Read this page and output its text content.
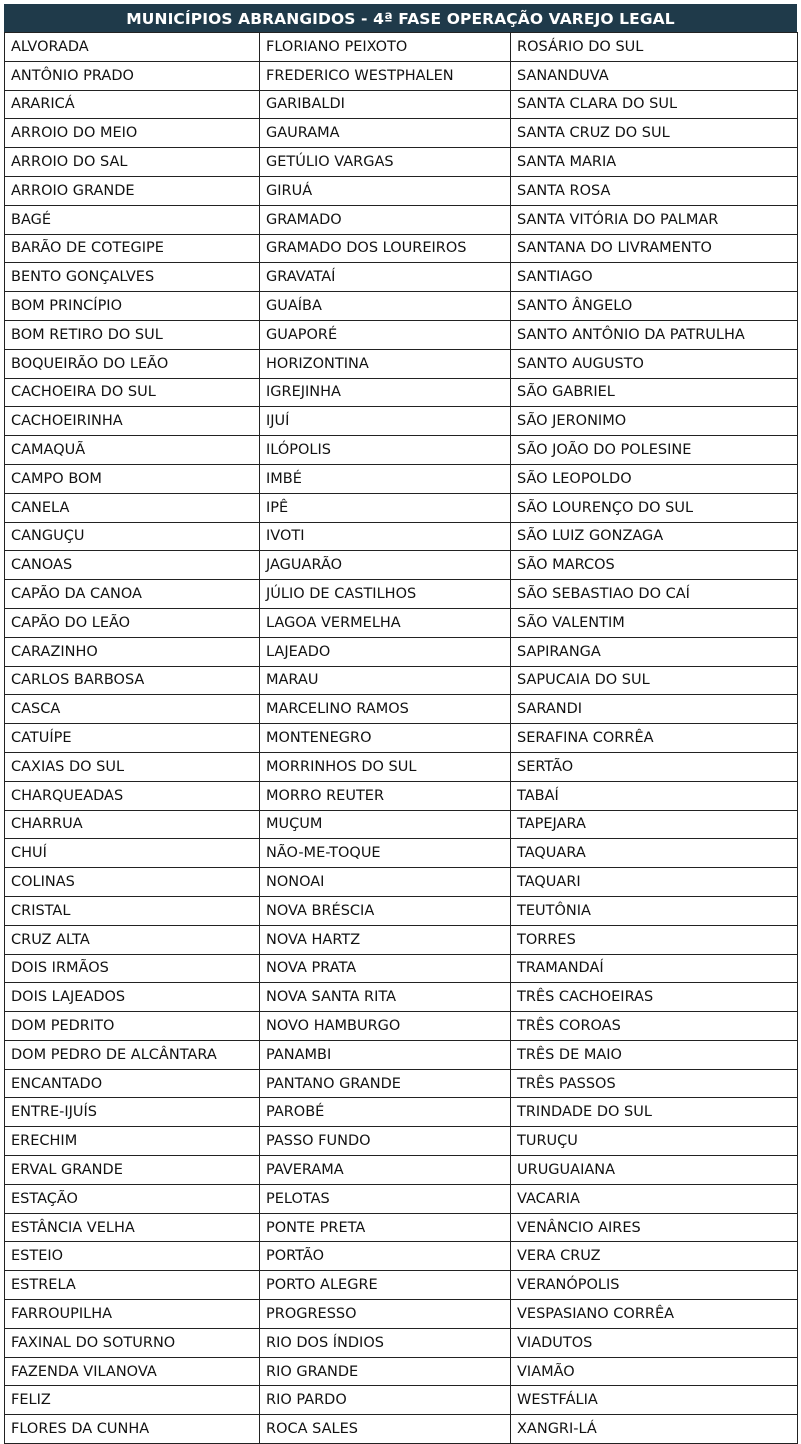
MUNICÍPIOS ABRANGIDOS - 4ª FASE OPERAÇÃO VAREJO LEGAL
ALVORADA	FLORIANO PEIXOTO	ROSÁRIO DO SUL
ANTÔNIO PRADO	FREDERICO WESTPHALEN	SANANDUVA
ARARICÁ	GARIBALDI	SANTA CLARA DO SUL
ARROIO DO MEIO	GAURAMA	SANTA CRUZ DO SUL
ARROIO DO SAL	GETÚLIO VARGAS	SANTA MARIA
ARROIO GRANDE	GIRUÁ	SANTA ROSA
BAGÉ	GRAMADO	SANTA VITÓRIA DO PALMAR
BARÃO DE COTEGIPE	GRAMADO DOS LOUREIROS	SANTANA DO LIVRAMENTO
BENTO GONÇALVES	GRAVATAÍ	SANTIAGO
BOM PRINCÍPIO	GUAÍBA	SANTO ÂNGELO
BOM RETIRO DO SUL	GUAPORÉ	SANTO ANTÔNIO DA PATRULHA
BOQUEIRÃO DO LEÃO	HORIZONTINA	SANTO AUGUSTO
CACHOEIRA DO SUL	IGREJINHA	SÃO GABRIEL
CACHOEIRINHA	IJUÍ	SÃO JERONIMO
CAMAQUÃ	ILÓPOLIS	SÃO JOÃO DO POLESINE
CAMPO BOM	IMBÉ	SÃO LEOPOLDO
CANELA	IPÊ	SÃO LOURENÇO DO SUL
CANGUÇU	IVOTI	SÃO LUIZ GONZAGA
CANOAS	JAGUARÃO	SÃO MARCOS
CAPÃO DA CANOA	JÚLIO DE CASTILHOS	SÃO SEBASTIAO DO CAÍ
CAPÃO DO LEÃO	LAGOA VERMELHA	SÃO VALENTIM
CARAZINHO	LAJEADO	SAPIRANGA
CARLOS BARBOSA	MARAU	SAPUCAIA DO SUL
CASCA	MARCELINO RAMOS	SARANDI
CATUÍPE	MONTENEGRO	SERAFINA CORRÊA
CAXIAS DO SUL	MORRINHOS DO SUL	SERTÃO
CHARQUEADAS	MORRO REUTER	TABAÍ
CHARRUA	MUÇUM	TAPEJARA
CHUÍ	NÃO-ME-TOQUE	TAQUARA
COLINAS	NONOAI	TAQUARI
CRISTAL	NOVA BRÉSCIA	TEUTÔNIA
CRUZ ALTA	NOVA HARTZ	TORRES
DOIS IRMÃOS	NOVA PRATA	TRAMANDAÍ
DOIS LAJEADOS	NOVA SANTA RITA	TRÊS CACHOEIRAS
DOM PEDRITO	NOVO HAMBURGO	TRÊS COROAS
DOM PEDRO DE ALCÂNTARA	PANAMBI	TRÊS DE MAIO
ENCANTADO	PANTANO GRANDE	TRÊS PASSOS
ENTRE-IJUÍS	PAROBÉ	TRINDADE DO SUL
ERECHIM	PASSO FUNDO	TURUÇU
ERVAL GRANDE	PAVERAMA	URUGUAIANA
ESTAÇÃO	PELOTAS	VACARIA
ESTÂNCIA VELHA	PONTE PRETA	VENÂNCIO AIRES
ESTEIO	PORTÃO	VERA CRUZ
ESTRELA	PORTO ALEGRE	VERANÓPOLIS
FARROUPILHA	PROGRESSO	VESPASIANO CORRÊA
FAXINAL DO SOTURNO	RIO DOS ÍNDIOS	VIADUTOS
FAZENDA VILANOVA	RIO GRANDE	VIAMÃO
FELIZ	RIO PARDO	WESTFÁLIA
FLORES DA CUNHA	ROCA SALES	XANGRI-LÁ
